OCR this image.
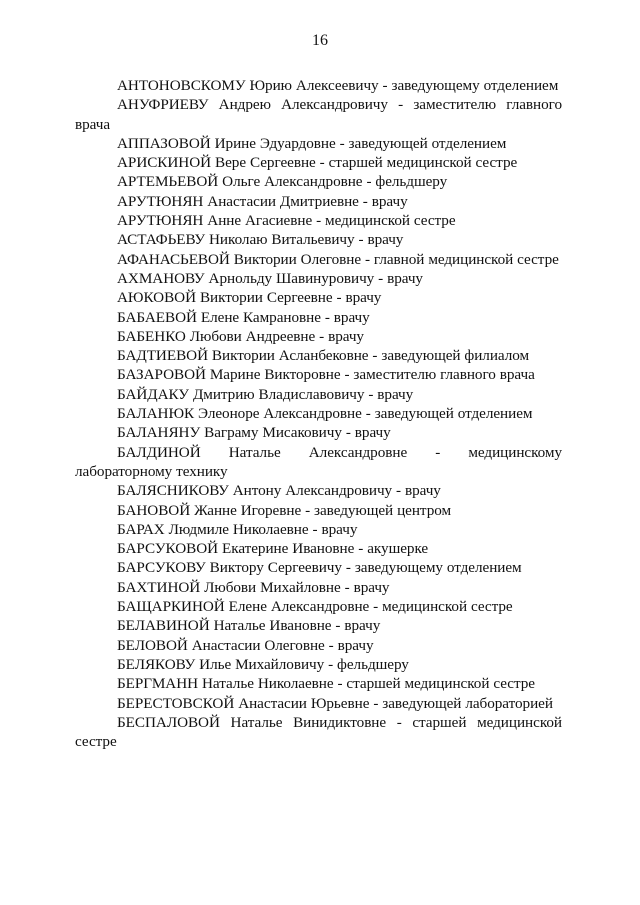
16

АНТОНОВСКОМУ Юрию Алексеевичу - заведующему отделением

АНУФРИЕВУ Андрею Александровичу - заместителю главного врача

АППАЗОВОЙ Ирине Эдуардовне - заведующей отделением

АРИСКИНОЙ Вере Сергеевне - старшей медицинской сестре

АРТЕМЬЕВОЙ Ольге Александровне - фельдшеру

АРУТЮНЯН Анастасии Дмитриевне - врачу

АРУТЮНЯН Анне Агасиевне - медицинской сестре

АСТАФЬЕВУ Николаю Витальевичу - врачу

АФАНАСЬЕВОЙ Виктории Олеговне - главной медицинской сестре

АХМАНОВУ Арнольду Шавинуровичу - врачу

АЮКОВОЙ Виктории Сергеевне - врачу

БАБАЕВОЙ Елене Камрановне - врачу

БАБЕНКО Любови Андреевне - врачу

БАДТИЕВОЙ Виктории Асланбековне - заведующей филиалом

БАЗАРОВОЙ Марине Викторовне - заместителю главного врача

БАЙДАКУ Дмитрию Владиславовичу - врачу

БАЛАНЮК Элеоноре Александровне - заведующей отделением

БАЛАНЯНУ Ваграму Мисаковичу - врачу

БАЛДИНОЙ Наталье Александровне - медицинскому лабораторному технику

БАЛЯСНИКОВУ Антону Александровичу - врачу

БАНОВОЙ Жанне Игоревне - заведующей центром

БАРАХ Людмиле Николаевне - врачу

БАРСУКОВОЙ Екатерине Ивановне - акушерке

БАРСУКОВУ Виктору Сергеевичу - заведующему отделением

БАХТИНОЙ Любови Михайловне - врачу

БАЩАРКИНОЙ Елене Александровне - медицинской сестре

БЕЛАВИНОЙ Наталье Ивановне - врачу

БЕЛОВОЙ Анастасии Олеговне - врачу

БЕЛЯКОВУ Илье Михайловичу - фельдшеру

БЕРГМАНН Наталье Николаевне - старшей медицинской сестре

БЕРЕСТОВСКОЙ Анастасии Юрьевне - заведующей лабораторией

БЕСПАЛОВОЙ Наталье Винидиктовне - старшей медицинской сестре
